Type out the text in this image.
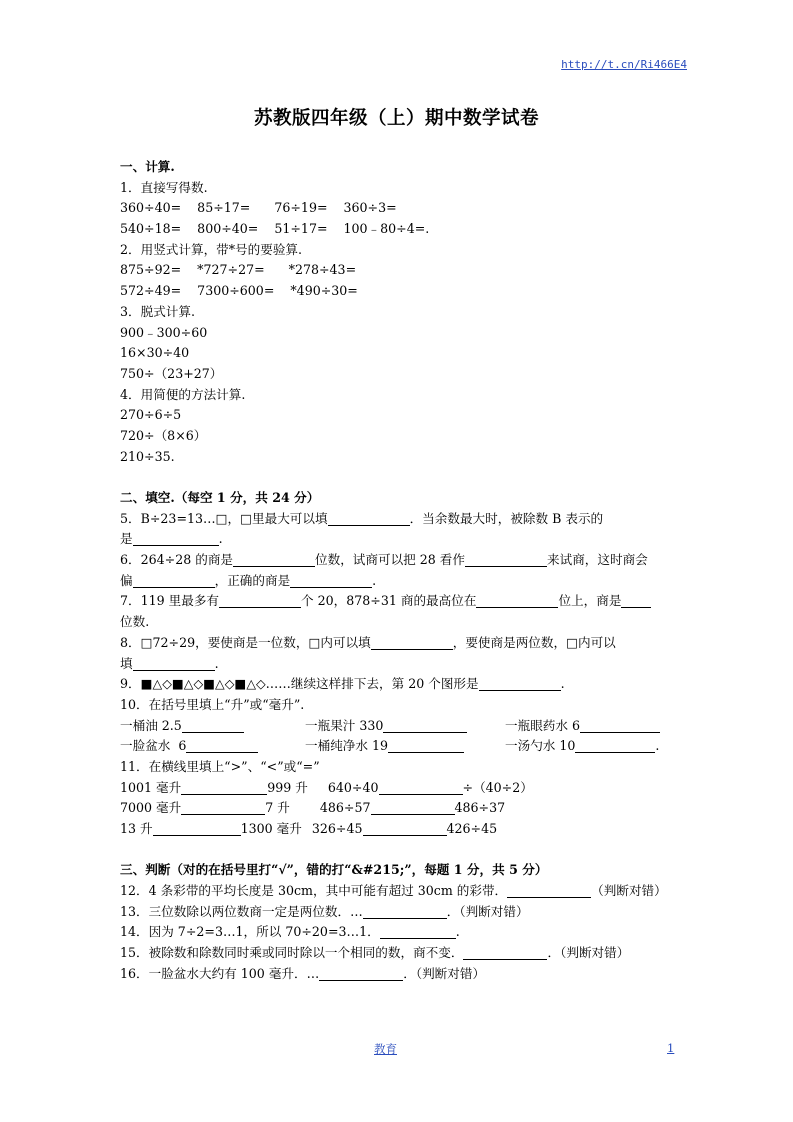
http://t.cn/Ri466E4
苏教版四年级（上）期中数学试卷
一、计算.
1．直接写得数.
360÷40=    85÷17=      76÷19=    360÷3=
540÷18=    800÷40=    51÷17=    100﹣80÷4=.
2．用竖式计算，带*号的要验算.
875÷92=    *727÷27=      *278÷43=
572÷49=    7300÷600=    *490÷30=
3．脱式计算.
900﹣300÷60
16×30÷40
750÷（23+27）
4．用简便的方法计算.
270÷6÷5
720÷（8×6）
210÷35.
二、填空.（每空 1 分，共 24 分）
5．B÷23=13…□，□里最大可以填	．当余数最大时，被除数 B 表示的
是	.
6．264÷28 的商是	位数，试商可以把 28 看作	来试商，这时商会
偏	，正确的商是	.
7．119 里最多有	个 20，878÷31 商的最高位在	位上，商是
位数.
8．□72÷29，要使商是一位数，□内可以填	，要使商是两位数，□内可以
填	.
9．■△◇■△◇■△◇■△◇……继续这样排下去，第 20 个图形是	.
10．在括号里填上“升”或“毫升”.
一桶油 2.5	一瓶果汁 330	一瓶眼药水 6
一脸盆水  6	一桶纯净水 19	一汤勺水 10	.
11．在横线里填上“>”、“<”或“=”
1001 毫升	999 升 640÷40	÷（40÷2）
7000 毫升	7 升 486÷57	486÷37
13 升	1300 毫升 326÷45	426÷45
三、判断（对的在括号里打“√”，错的打“&#215;”，每题 1 分，共 5 分）
12．4 条彩带的平均长度是 30cm，其中可能有超过 30cm 的彩带．	（判断对错）
13．三位数除以两位数商一定是两位数．…	．（判断对错）
14．因为 7÷2=3…1，所以 70÷20=3…1．	.
15．被除数和除数同时乘或同时除以一个相同的数，商不变．	．（判断对错）
16．一脸盆水大约有 100 毫升．…	．（判断对错）
教育	1
